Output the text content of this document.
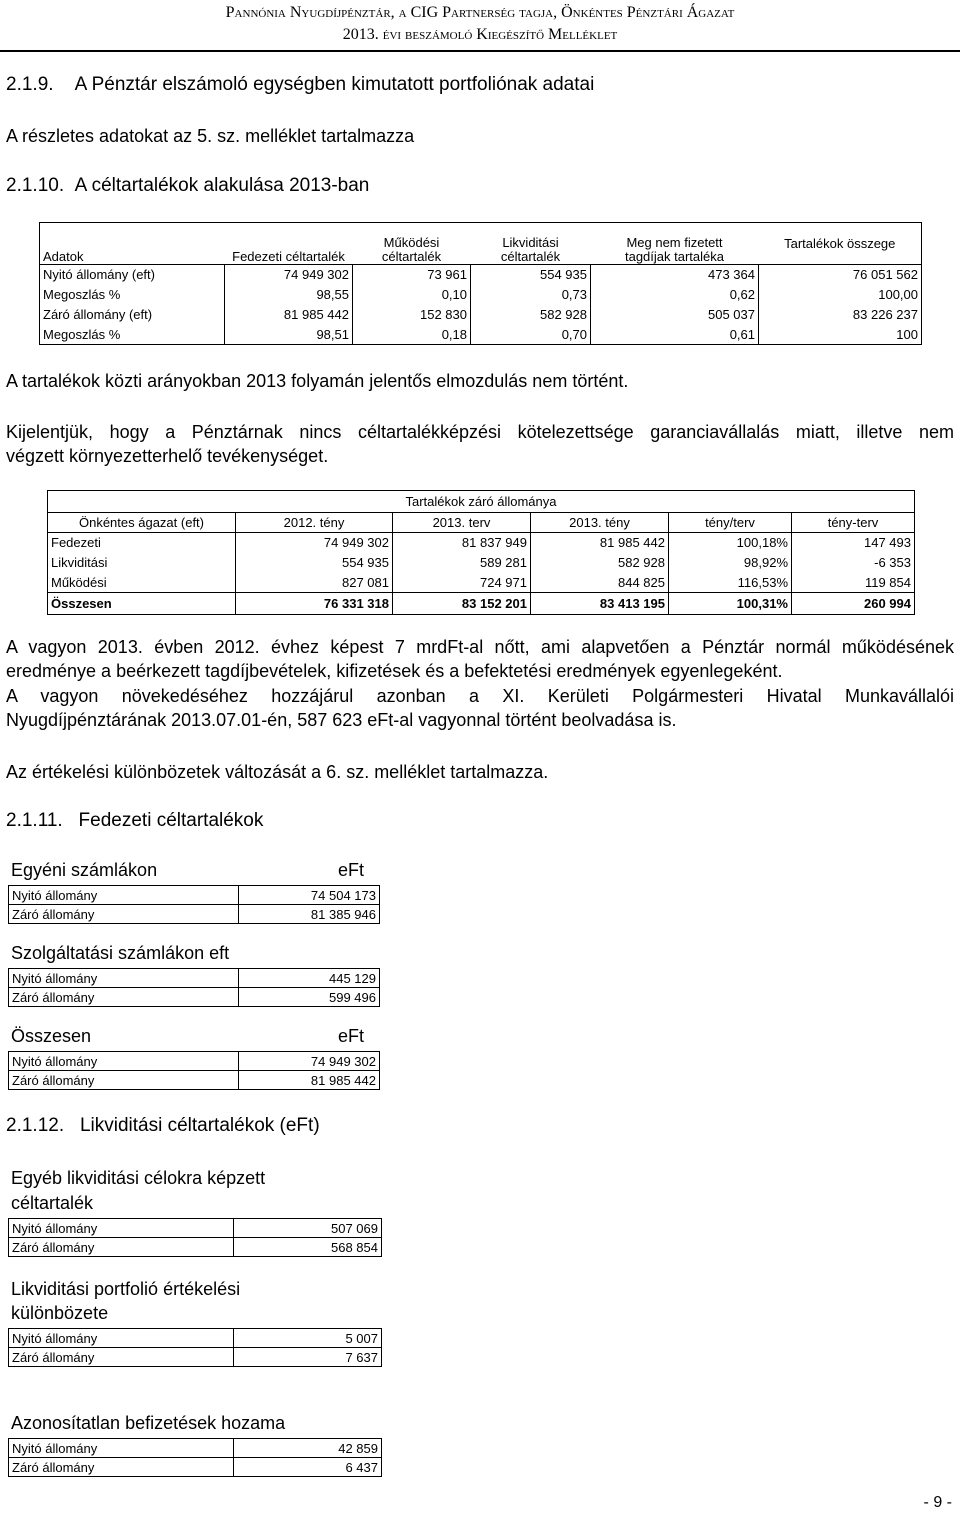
Pannónia Nyugdíjpénztár, a CIG Partnerség tagja, Önkéntes Pénztári Ágazat
2013. évi beszámoló Kiegészítő Melléklet
2.1.9. A Pénztár elszámoló egységben kimutatott portfoliónak adatai
A részletes adatokat az 5. sz. melléklet tartalmazza
2.1.10. A céltartalékok alakulása 2013-ban
Adatok	Fedezeti céltartalék	Működési céltartalék	Likviditási céltartalék	Meg nem fizetett tagdíjak tartaléka	Tartalékok összege
Nyitó állomány (eft)	74 949 302	73 961	554 935	473 364	76 051 562
Megoszlás %	98,55	0,10	0,73	0,62	100,00
Záró állomány (eft)	81 985 442	152 830	582 928	505 037	83 226 237
Megoszlás %	98,51	0,18	0,70	0,61	100
A tartalékok közti arányokban 2013 folyamán jelentős elmozdulás nem történt.
Kijelentjük, hogy a Pénztárnak nincs céltartalékképzési kötelezettsége garanciavállalás miatt, illetve nem
végzett környezetterhelő tevékenységet.
Tartalékok záró állománya					
Önkéntes ágazat (eft)	2012. tény	2013. terv	2013. tény	tény/terv	tény-terv
Fedezeti	74 949 302	81 837 949	81 985 442	100,18%	147 493
Likviditási	554 935	589 281	582 928	98,92%	-6 353
Működési	827 081	724 971	844 825	116,53%	119 854
Összesen	76 331 318	83 152 201	83 413 195	100,31%	260 994
A vagyon 2013. évben 2012. évhez képest 7 mrdFt-al nőtt, ami alapvetően a Pénztár normál működésének
eredménye a beérkezett tagdíjbevételek, kifizetések és a befektetési eredmények egyenlegeként.
A vagyon növekedéséhez hozzájárul azonban a XI. Kerületi Polgármesteri Hivatal Munkavállalói
Nyugdíjpénztárának 2013.07.01-én, 587 623 eFt-al vagyonnal történt beolvadása is.
Az értékelési különbözetek változását a 6. sz. melléklet tartalmazza.
2.1.11. Fedezeti céltartalékok
Egyéni számlákon	eFt
Nyitó állomány	74 504 173
Záró állomány	81 385 946
Szolgáltatási számlákon eft
Nyitó állomány	445 129
Záró állomány	599 496
Összesen	eFt
Nyitó állomány	74 949 302
Záró állomány	81 985 442
2.1.12. Likviditási céltartalékok (eFt)
Egyéb likviditási célokra képzett
céltartalék
Nyitó állomány	507 069
Záró állomány	568 854
Likviditási portfolió értékelési
különbözete
Nyitó állomány	5 007
Záró állomány	7 637
Azonosítatlan befizetések hozama
Nyitó állomány	42 859
Záró állomány	6 437
- 9 -
